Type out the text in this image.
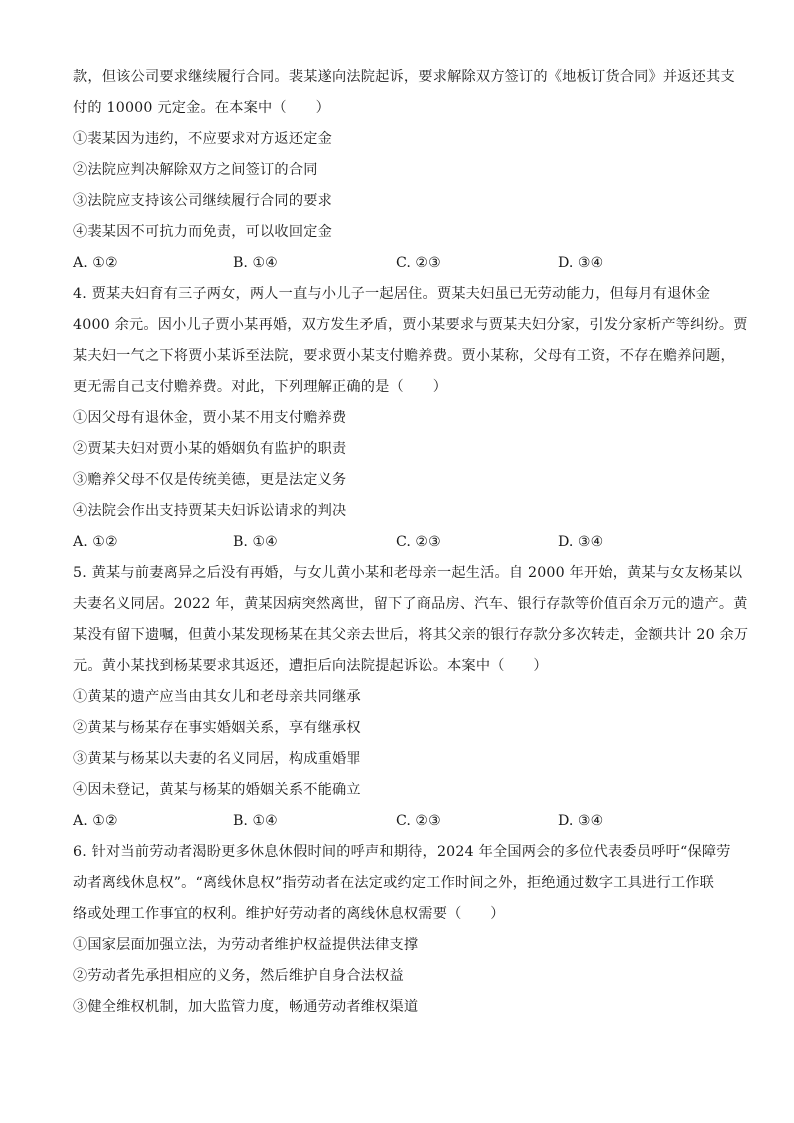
款，但该公司要求继续履行合同。裴某遂向法院起诉，要求解除双方签订的《地板订货合同》并返还其支
付的 10000 元定金。在本案中（　　）
①裴某因为违约，不应要求对方返还定金
②法院应判决解除双方之间签订的合同
③法院应支持该公司继续履行合同的要求
④裴某因不可抗力而免责，可以收回定金
A. ①②	B. ①④	C. ②③	D. ③④
4. 贾某夫妇育有三子两女，两人一直与小儿子一起居住。贾某夫妇虽已无劳动能力，但每月有退休金
4000 余元。因小儿子贾小某再婚，双方发生矛盾，贾小某要求与贾某夫妇分家，引发分家析产等纠纷。贾
某夫妇一气之下将贾小某诉至法院，要求贾小某支付赡养费。贾小某称，父母有工资，不存在赡养问题，
更无需自己支付赡养费。对此，下列理解正确的是（　　）
①因父母有退休金，贾小某不用支付赡养费
②贾某夫妇对贾小某的婚姻负有监护的职责
③赡养父母不仅是传统美德，更是法定义务
④法院会作出支持贾某夫妇诉讼请求的判决
A. ①②	B. ①④	C. ②③	D. ③④
5. 黄某与前妻离异之后没有再婚，与女儿黄小某和老母亲一起生活。自 2000 年开始，黄某与女友杨某以
夫妻名义同居。2022 年，黄某因病突然离世，留下了商品房、汽车、银行存款等价值百余万元的遗产。黄
某没有留下遗嘱，但黄小某发现杨某在其父亲去世后，将其父亲的银行存款分多次转走，金额共计 20 余万
元。黄小某找到杨某要求其返还，遭拒后向法院提起诉讼。本案中（　　）
①黄某的遗产应当由其女儿和老母亲共同继承
②黄某与杨某存在事实婚姻关系，享有继承权
③黄某与杨某以夫妻的名义同居，构成重婚罪
④因未登记，黄某与杨某的婚姻关系不能确立
A. ①②	B. ①④	C. ②③	D. ③④
6. 针对当前劳动者渴盼更多休息休假时间的呼声和期待，2024 年全国两会的多位代表委员呼吁“保障劳
动者离线休息权”。“离线休息权”指劳动者在法定或约定工作时间之外，拒绝通过数字工具进行工作联
络或处理工作事宜的权利。维护好劳动者的离线休息权需要（　　）
①国家层面加强立法，为劳动者维护权益提供法律支撑
②劳动者先承担相应的义务，然后维护自身合法权益
③健全维权机制，加大监管力度，畅通劳动者维权渠道
